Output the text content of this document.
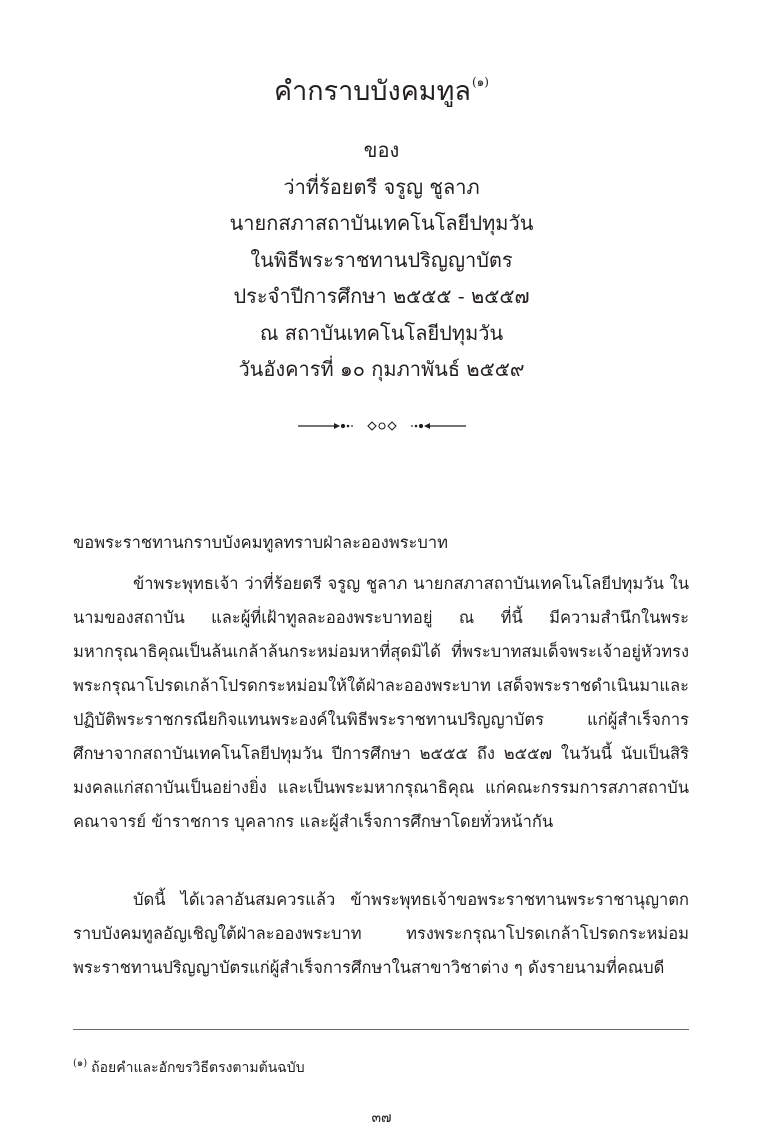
คำกราบบังคมทูล$^{(๑)}$
ของ
ว่าที่ร้อยตรี จรูญ ชูลาภ
นายกสภาสถาบันเทคโนโลยีปทุมวัน
ในพิธีพระราชทานปริญญาบัตร
ประจำปีการศึกษา ๒๕๕๕ - ๒๕๕๗
ณ สถาบันเทคโนโลยีปทุมวัน
วันอังคารที่ ๑๐ กุมภาพันธ์ ๒๕๕๙
ขอพระราชทานกราบบังคมทูลทราบฝ่าละอองพระบาท

ข้าพระพุทธเจ้า ว่าที่ร้อยตรี จรูญ ชูลาภ นายกสภาสถาบันเทคโนโลยีปทุมวัน ในนามของสถาบัน และผู้ที่เฝ้าทูลละอองพระบาทอยู่ ณ ที่นี้ มีความสำนึกในพระมหากรุณาธิคุณเป็นล้นเกล้าล้นกระหม่อมหาที่สุดมิได้ ที่พระบาทสมเด็จพระเจ้าอยู่หัวทรงพระกรุณาโปรดเกล้าโปรดกระหม่อมให้ใต้ฝ่าละอองพระบาท เสด็จพระราชดำเนินมาและปฏิบัติพระราชกรณียกิจแทนพระองค์ในพิธีพระราชทานปริญญาบัตร แก่ผู้สำเร็จการศึกษาจากสถาบันเทคโนโลยีปทุมวัน ปีการศึกษา ๒๕๕๕ ถึง ๒๕๕๗ ในวันนี้ นับเป็นสิริมงคลแก่สถาบันเป็นอย่างยิ่ง และเป็นพระมหากรุณาธิคุณ แก่คณะกรรมการสภาสถาบัน คณาจารย์ ข้าราชการ บุคลากร และผู้สำเร็จการศึกษาโดยทั่วหน้ากัน

บัดนี้ ได้เวลาอันสมควรแล้ว ข้าพระพุทธเจ้าขอพระราชทานพระราชานุญาตกราบบังคมทูลอัญเชิญใต้ฝ่าละอองพระบาท ทรงพระกรุณาโปรดเกล้าโปรดกระหม่อมพระราชทานปริญญาบัตรแก่ผู้สำเร็จการศึกษาในสาขาวิชาต่าง ๆ ดังรายนามที่คณบดี

$^{(๑)}$ ถ้อยคำและอักขรวิธีตรงตามต้นฉบับ
๓๗
